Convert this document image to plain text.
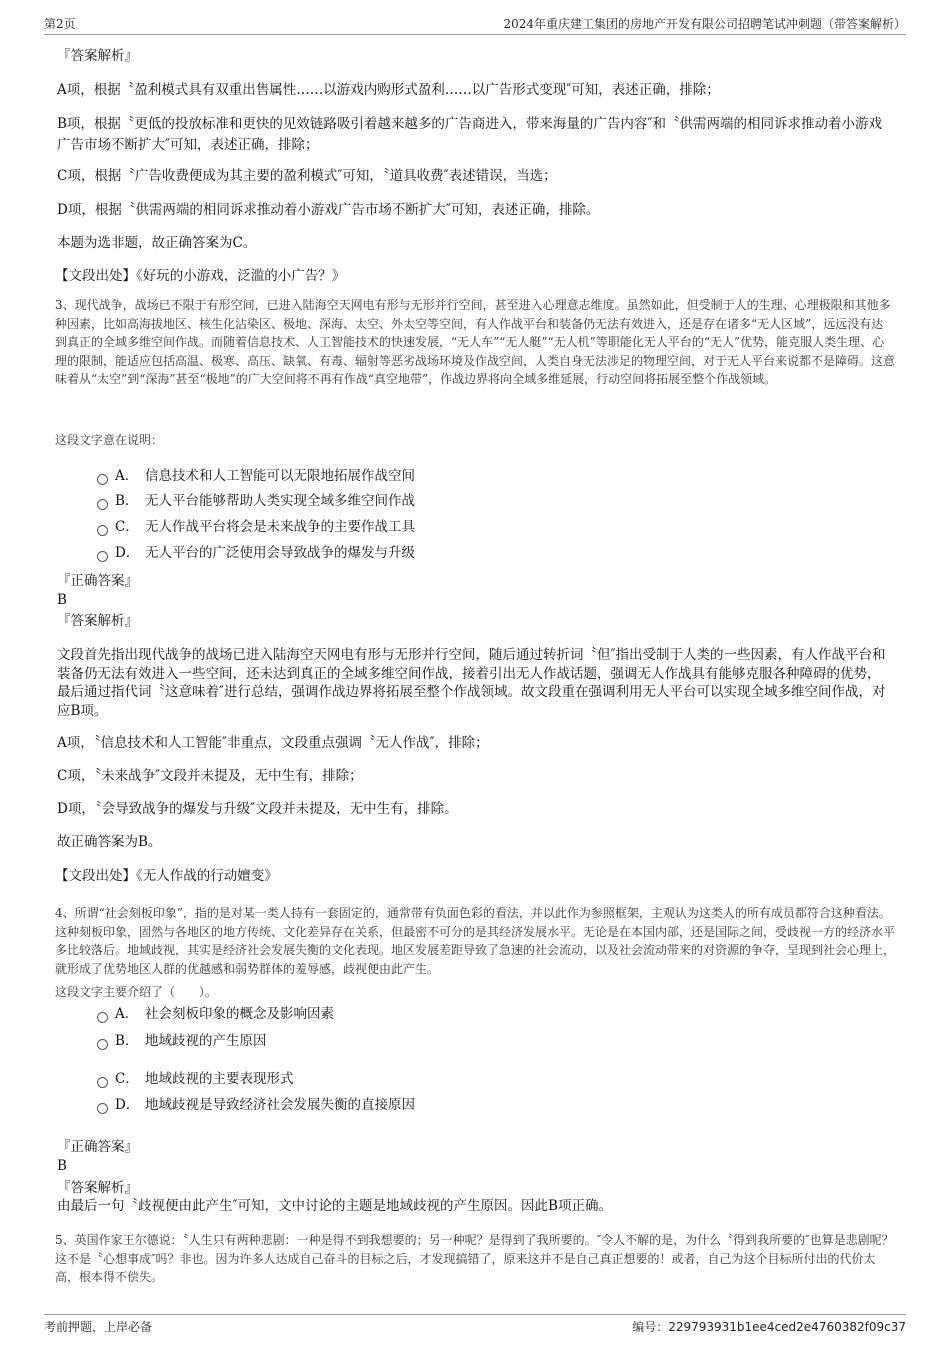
第2页	2024年重庆建工集团的房地产开发有限公司招聘笔试冲刺题（带答案解析）
『答案解析』
A项，根据〝盈利模式具有双重出售属性……以游戏内购形式盈利……以广告形式变现″可知，表述正确，排除；
B项，根据〝更低的投放标准和更快的见效链路吸引着越来越多的广告商进入，带来海量的广告内容″和〝供需两端的相同诉求推动着小游戏广告市场不断扩大″可知，表述正确，排除；
C项，根据〝广告收费便成为其主要的盈利模式″可知，〝道具收费″表述错误，当选；
D项，根据〝供需两端的相同诉求推动着小游戏广告市场不断扩大″可知，表述正确，排除。
本题为选非题，故正确答案为C。
【文段出处】《好玩的小游戏，泛滥的小广告？》
3、现代战争，战场已不限于有形空间，已进入陆海空天网电有形与无形并行空间，甚至进入心理意志维度。虽然如此，但受制于人的生理、心理极限和其他多种因素，比如高海拔地区、核生化沾染区、极地、深海、太空、外太空等空间，有人作战平台和装备仍无法有效进入，还是存在诸多“无人区域”，远远没有达到真正的全域多维空间作战。而随着信息技术、人工智能技术的快速发展，“无人车”“无人艇”“无人机”等职能化无人平台的“无人”优势，能克服人类生理、心理的限制，能适应包括高温、极寒、高压、缺氧、有毒、辐射等恶劣战场环境及作战空间，人类自身无法涉足的物理空间，对于无人平台来说都不是障碍。这意味着从“太空”到“深海”甚至“极地”的广大空间将不再有作战“真空地带”，作战边界将向全域多维延展，行动空间将拓展至整个作战领域。
这段文字意在说明：
A． 信息技术和人工智能可以无限地拓展作战空间
B． 无人平台能够帮助人类实现全域多维空间作战
C． 无人作战平台将会是未来战争的主要作战工具
D． 无人平台的广泛使用会导致战争的爆发与升级
『正确答案』
B
『答案解析』
文段首先指出现代战争的战场已进入陆海空天网电有形与无形并行空间，随后通过转折词〝但″指出受制于人类的一些因素，有人作战平台和装备仍无法有效进入一些空间，还未达到真正的全域多维空间作战，接着引出无人作战话题，强调无人作战具有能够克服各种障碍的优势，最后通过指代词〝这意味着″进行总结，强调作战边界将拓展至整个作战领域。故文段重在强调利用无人平台可以实现全域多维空间作战，对应B项。
A项，〝信息技术和人工智能″非重点，文段重点强调〝无人作战″，排除；
C项，〝未来战争″文段并未提及，无中生有，排除；
D项，〝会导致战争的爆发与升级″文段并未提及，无中生有，排除。
故正确答案为B。
【文段出处】《无人作战的行动嬗变》
4、所谓“社会刻板印象”，指的是对某一类人持有一套固定的，通常带有负面色彩的看法，并以此作为参照框架，主观认为这类人的所有成员都符合这种看法。这种刻板印象，固然与各地区的地方传统、文化差异存在关系，但最密不可分的是其经济发展水平。无论是在本国内部，还是国际之间，受歧视一方的经济水平多比较落后。地域歧视，其实是经济社会发展失衡的文化表现。地区发展差距导致了急速的社会流动，以及社会流动带来的对资源的争夺，呈现到社会心理上，就形成了优势地区人群的优越感和弱势群体的羞辱感，歧视便由此产生。
这段文字主要介绍了（　　）。
A． 社会刻板印象的概念及影响因素
B． 地域歧视的产生原因
C． 地域歧视的主要表现形式
D． 地域歧视是导致经济社会发展失衡的直接原因
『正确答案』
B
『答案解析』
由最后一句〝歧视便由此产生″可知，文中讨论的主题是地域歧视的产生原因。因此B项正确。
5、英国作家王尔德说：〝人生只有两种悲剧：一种是得不到我想要的；另一种呢？是得到了我所要的。″令人不解的是，为什么〝得到我所要的″也算是悲剧呢？这不是〝心想事成″吗？非也。因为许多人达成自己奋斗的目标之后，才发现搞错了，原来这并不是自己真正想要的！或者，自己为这个目标所付出的代价太高，根本得不偿失。
考前押题，上岸必备	编号：229793931b1ee4ced2e4760382f09c37
